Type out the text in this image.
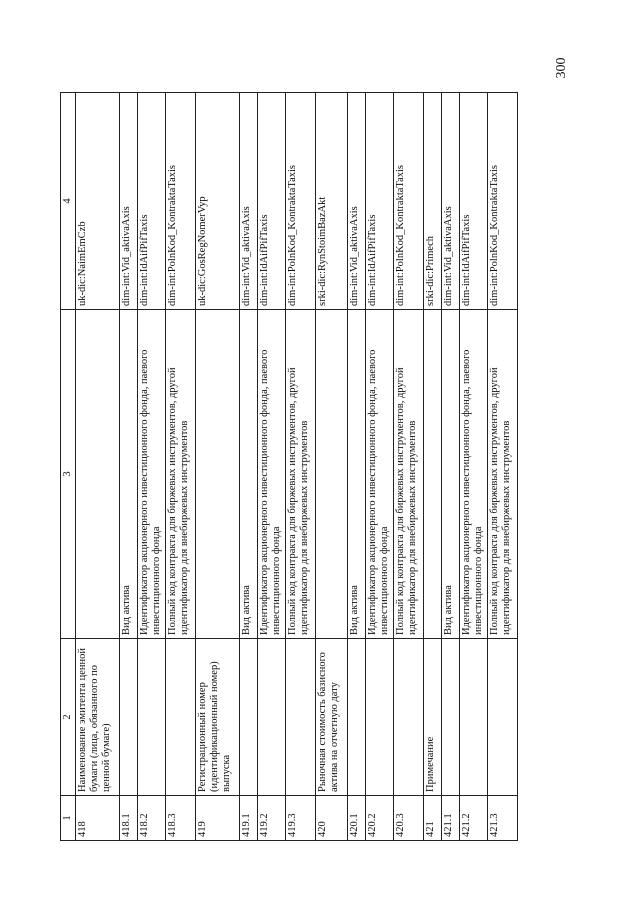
300
1	2	3	4
418	Наименование эмитента ценной бумаги (лица, обязанного по ценной бумаге)		uk-dic:NaimEmCzb
418.1		Вид актива	dim-int:Vid_aktivaAxis
418.2		Идентификатор акционерного инвестиционного фонда, паевого инвестиционного фонда	dim-int:IdAifPifTaxis
418.3		Полный код контракта для биржевых инструментов, другой идентификатор для внебиржевых инструментов	dim-int:PolnKod_KontraktaTaxis
419	Регистрационный номер (идентификационный номер) выпуска		uk-dic:GosRegNomerVyp
419.1		Вид актива	dim-int:Vid_aktivaAxis
419.2		Идентификатор акционерного инвестиционного фонда, паевого инвестиционного фонда	dim-int:IdAifPifTaxis
419.3		Полный код контракта для биржевых инструментов, другой идентификатор для внебиржевых инструментов	dim-int:PolnKod_KontraktaTaxis
420	Рыночная стоимость базисного актива на отчетную дату		srki-dic:RynStoimBazAkt
420.1		Вид актива	dim-int:Vid_aktivaAxis
420.2		Идентификатор акционерного инвестиционного фонда, паевого инвестиционного фонда	dim-int:IdAifPifTaxis
420.3		Полный код контракта для биржевых инструментов, другой идентификатор для внебиржевых инструментов	dim-int:PolnKod_KontraktaTaxis
421	Примечание		srki-dic:Primech
421.1		Вид актива	dim-int:Vid_aktivaAxis
421.2		Идентификатор акционерного инвестиционного фонда, паевого инвестиционного фонда	dim-int:IdAifPifTaxis
421.3		Полный код контракта для биржевых инструментов, другой идентификатор для внебиржевых инструментов	dim-int:PolnKod_KontraktaTaxis
